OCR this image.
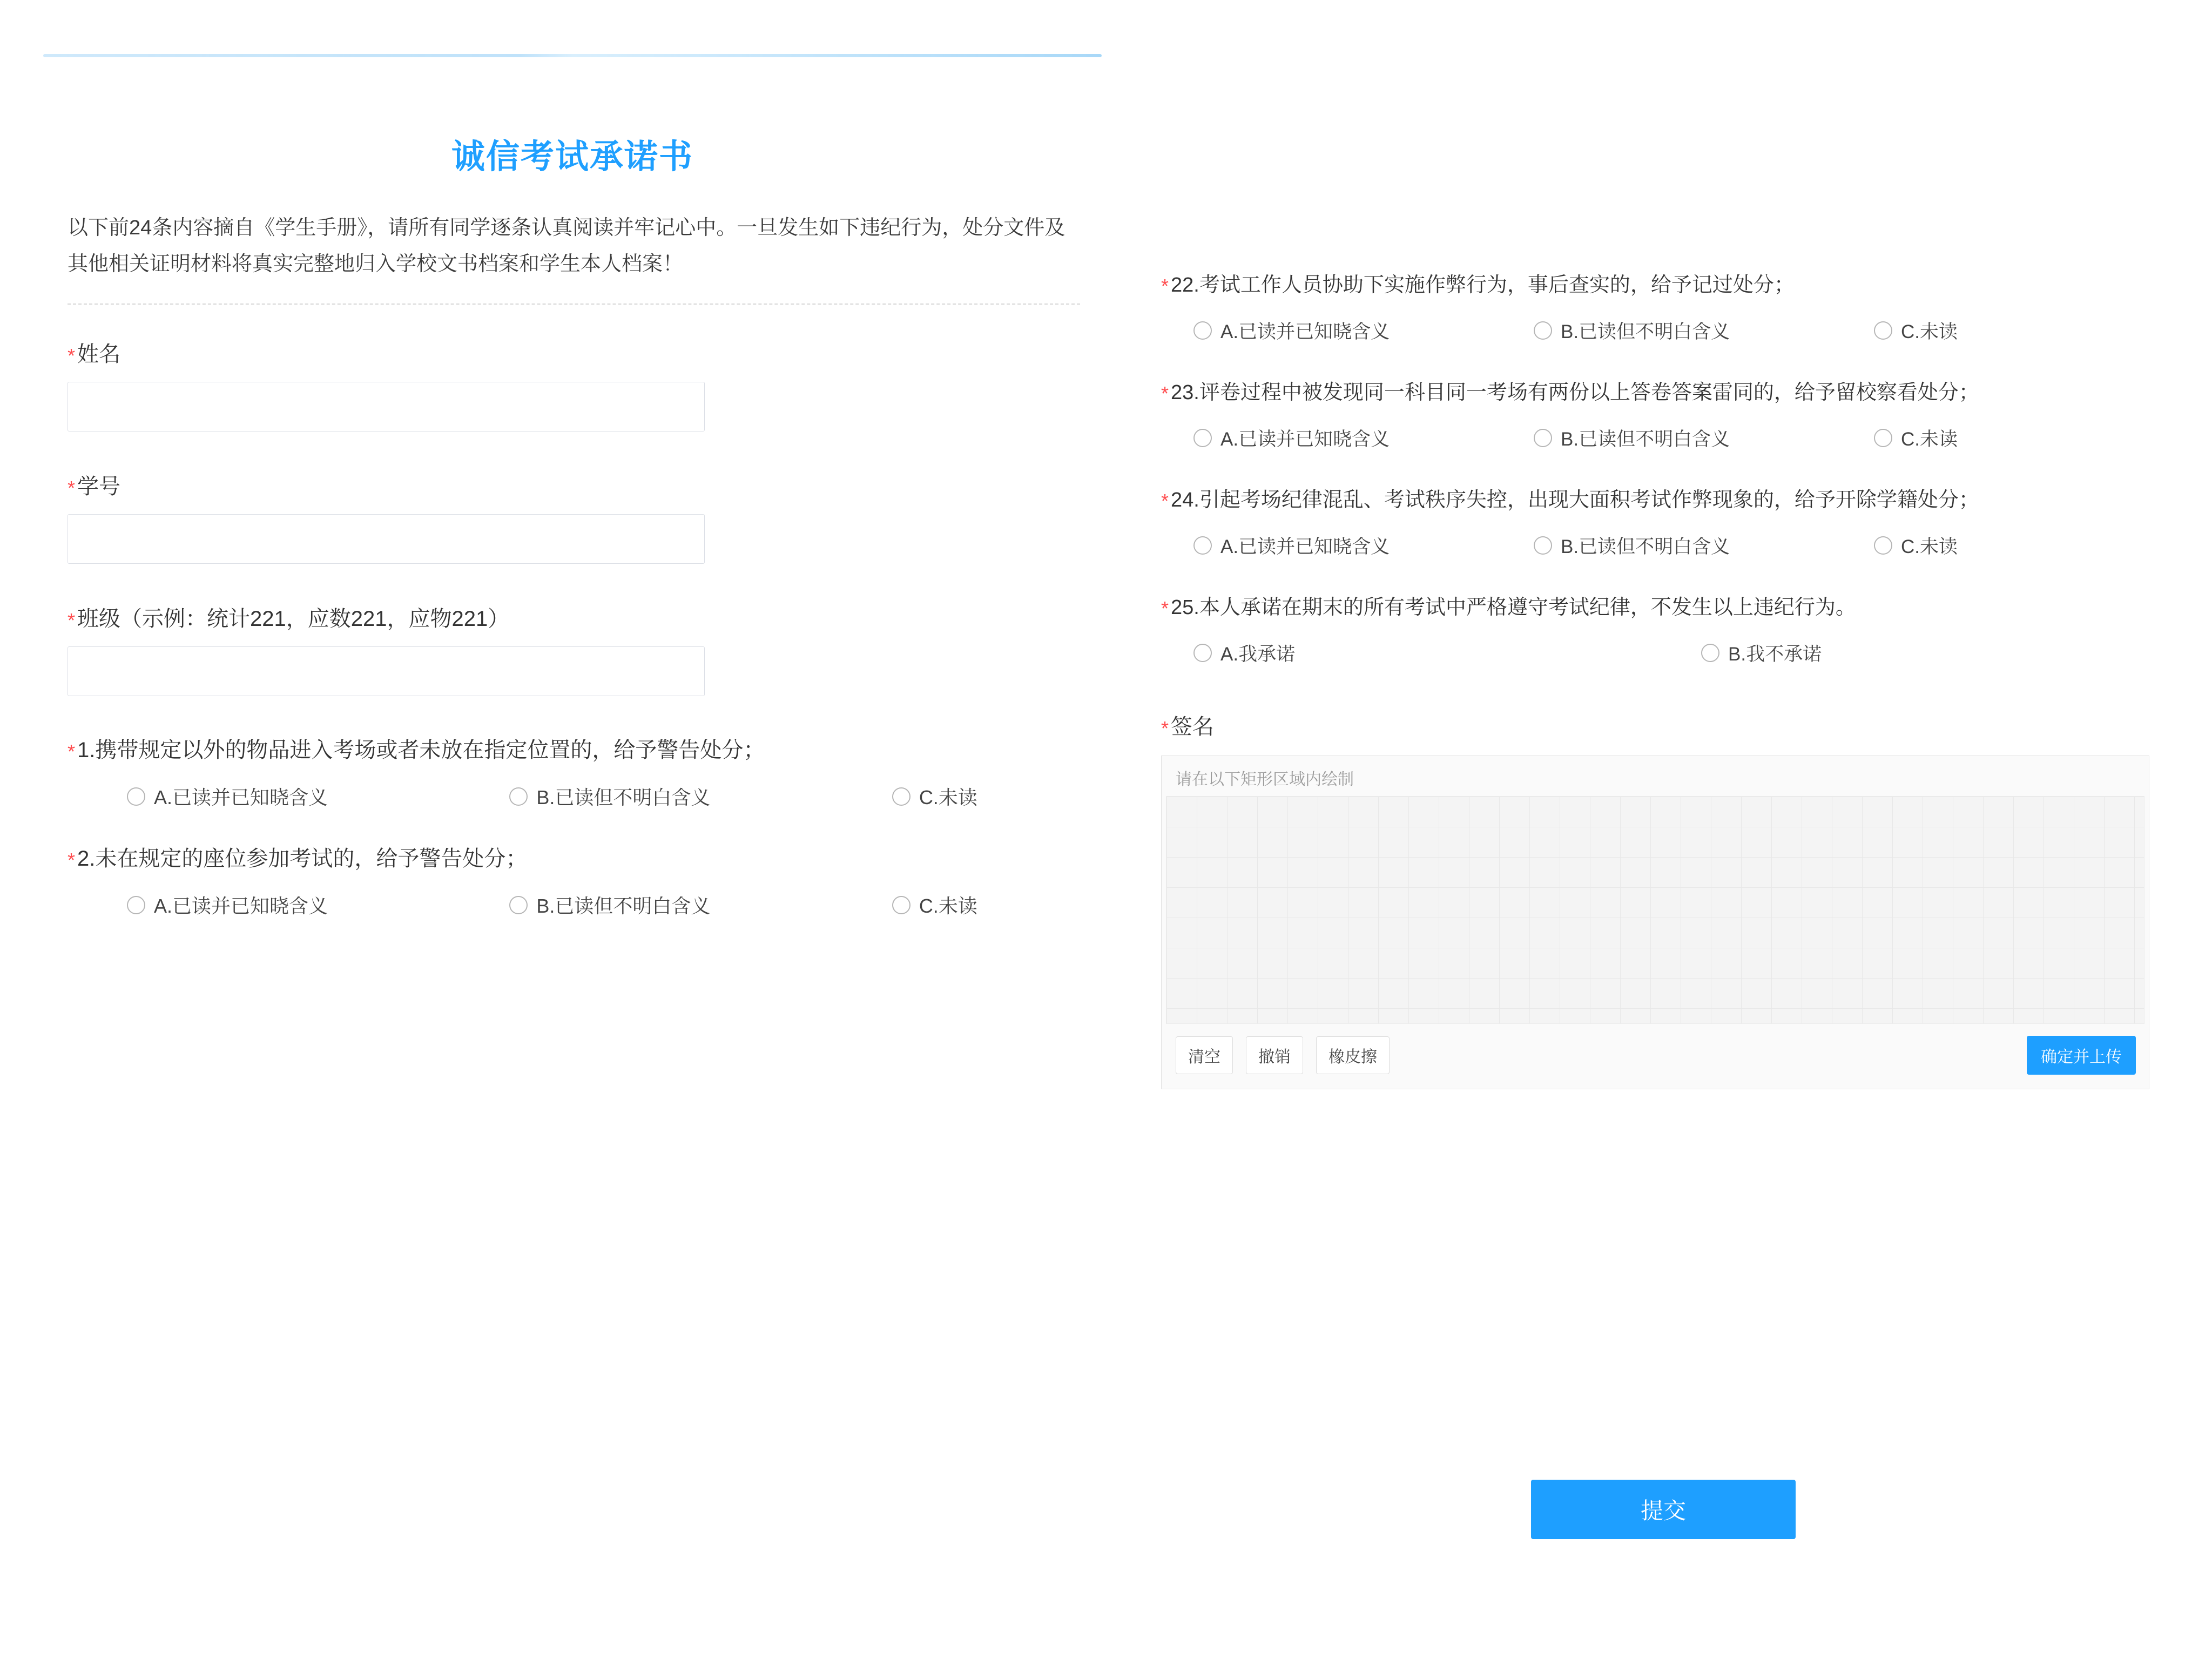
诚信考试承诺书
以下前24条内容摘自《学生手册》，请所有同学逐条认真阅读并牢记心中。一旦发生如下违纪行为，处分文件及其他相关证明材料将真实完整地归入学校文书档案和学生本人档案！
* 姓名
* 学号
* 班级（示例：统计221，应数221，应物221）
* 1.携带规定以外的物品进入考场或者未放在指定位置的，给予警告处分；
A.已读并已知晓含义	B.已读但不明白含义	C.未读
* 2.未在规定的座位参加考试的，给予警告处分；
A.已读并已知晓含义	B.已读但不明白含义	C.未读
* 22.考试工作人员协助下实施作弊行为，事后查实的，给予记过处分；
A.已读并已知晓含义	B.已读但不明白含义	C.未读
* 23.评卷过程中被发现同一科目同一考场有两份以上答卷答案雷同的，给予留校察看处分；
A.已读并已知晓含义	B.已读但不明白含义	C.未读
* 24.引起考场纪律混乱、考试秩序失控，出现大面积考试作弊现象的，给予开除学籍处分；
A.已读并已知晓含义	B.已读但不明白含义	C.未读
* 25.本人承诺在期末的所有考试中严格遵守考试纪律，不发生以上违纪行为。
A.我承诺	B.我不承诺
* 签名
请在以下矩形区域内绘制
清空	撤销	橡皮擦	确定并上传
提交
